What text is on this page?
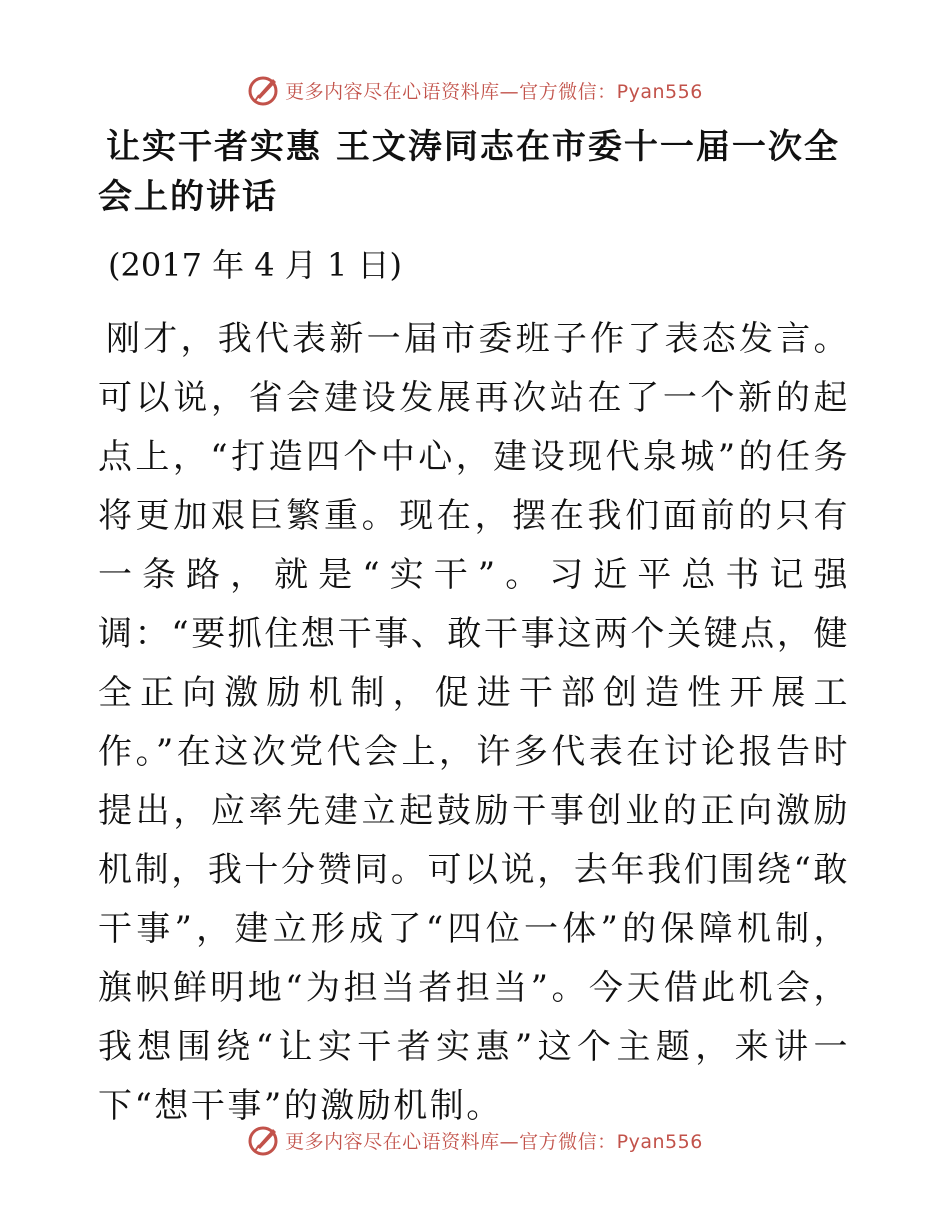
更多内容尽在心语资料库—官方微信：Pyan556
让实干者实惠 王文涛同志在市委十一届一次全会上的讲话

(2017 年 4 月 1 日)

刚才，我代表新一届市委班子作了表态发言。可以说，省会建设发展再次站在了一个新的起点上，“打造四个中心，建设现代泉城”的任务将更加艰巨繁重。现在，摆在我们面前的只有一条路，就是“实干”。习近平总书记强调：“要抓住想干事、敢干事这两个关键点，健全正向激励机制，促进干部创造性开展工作。”在这次党代会上，许多代表在讨论报告时提出，应率先建立起鼓励干事创业的正向激励机制，我十分赞同。可以说，去年我们围绕“敢干事”，建立形成了“四位一体”的保障机制，旗帜鲜明地“为担当者担当”。今天借此机会，我想围绕“让实干者实惠”这个主题，来讲一下“想干事”的激励机制。

更多内容尽在心语资料库—官方微信：Pyan556
